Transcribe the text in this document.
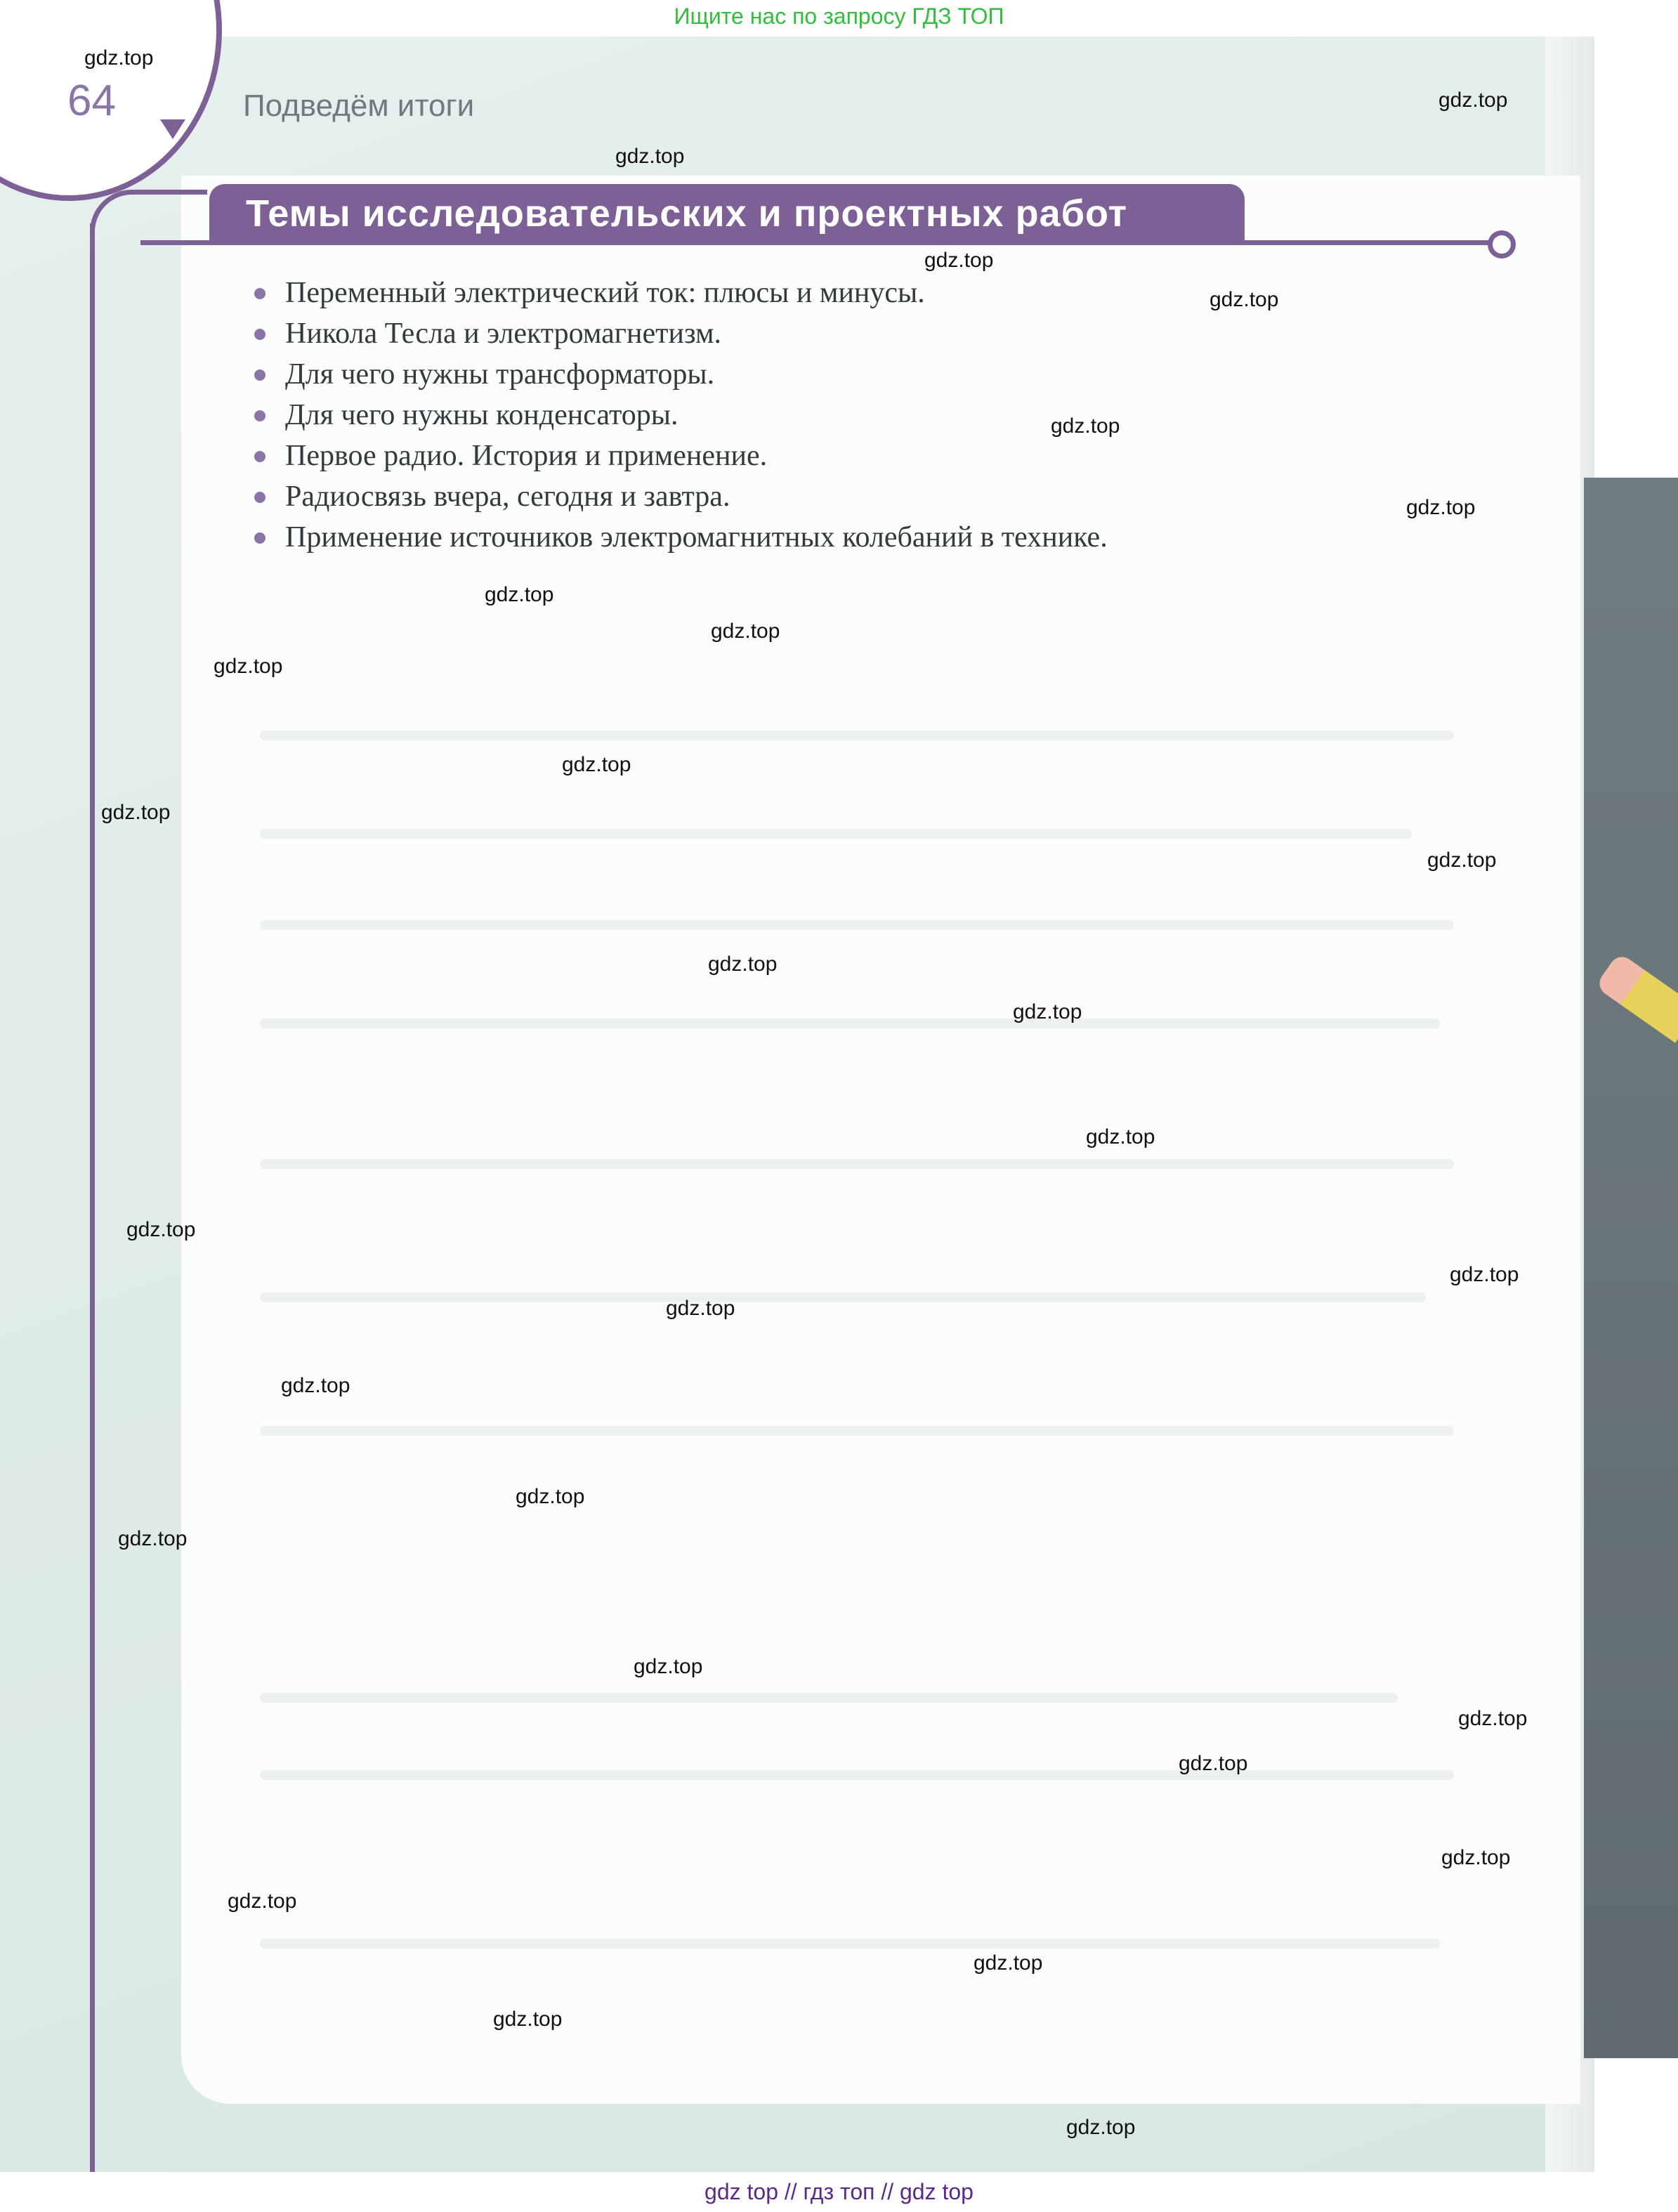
Ищите нас по запросу ГДЗ ТОП
64	Подведём итоги
Темы исследовательских и проектных работ
Переменный электрический ток: плюсы и минусы.
Никола Тесла и электромагнетизм.
Для чего нужны трансформаторы.
Для чего нужны конденсаторы.
Первое радио. История и применение.
Радиосвязь вчера, сегодня и завтра.
Применение источников электромагнитных колебаний в технике.
gdz.top
gdz.top
gdz.top
gdz.top
gdz.top
gdz.top
gdz.top
gdz.top
gdz.top
gdz.top
gdz.top
gdz.top
gdz.top
gdz.top
gdz.top
gdz.top
gdz.top
gdz.top
gdz.top
gdz.top
gdz.top
gdz.top
gdz.top
gdz.top
gdz.top
gdz.top
gdz.top
gdz.top
gdz.top
gdz.top
gdz top // гдз топ // gdz top
